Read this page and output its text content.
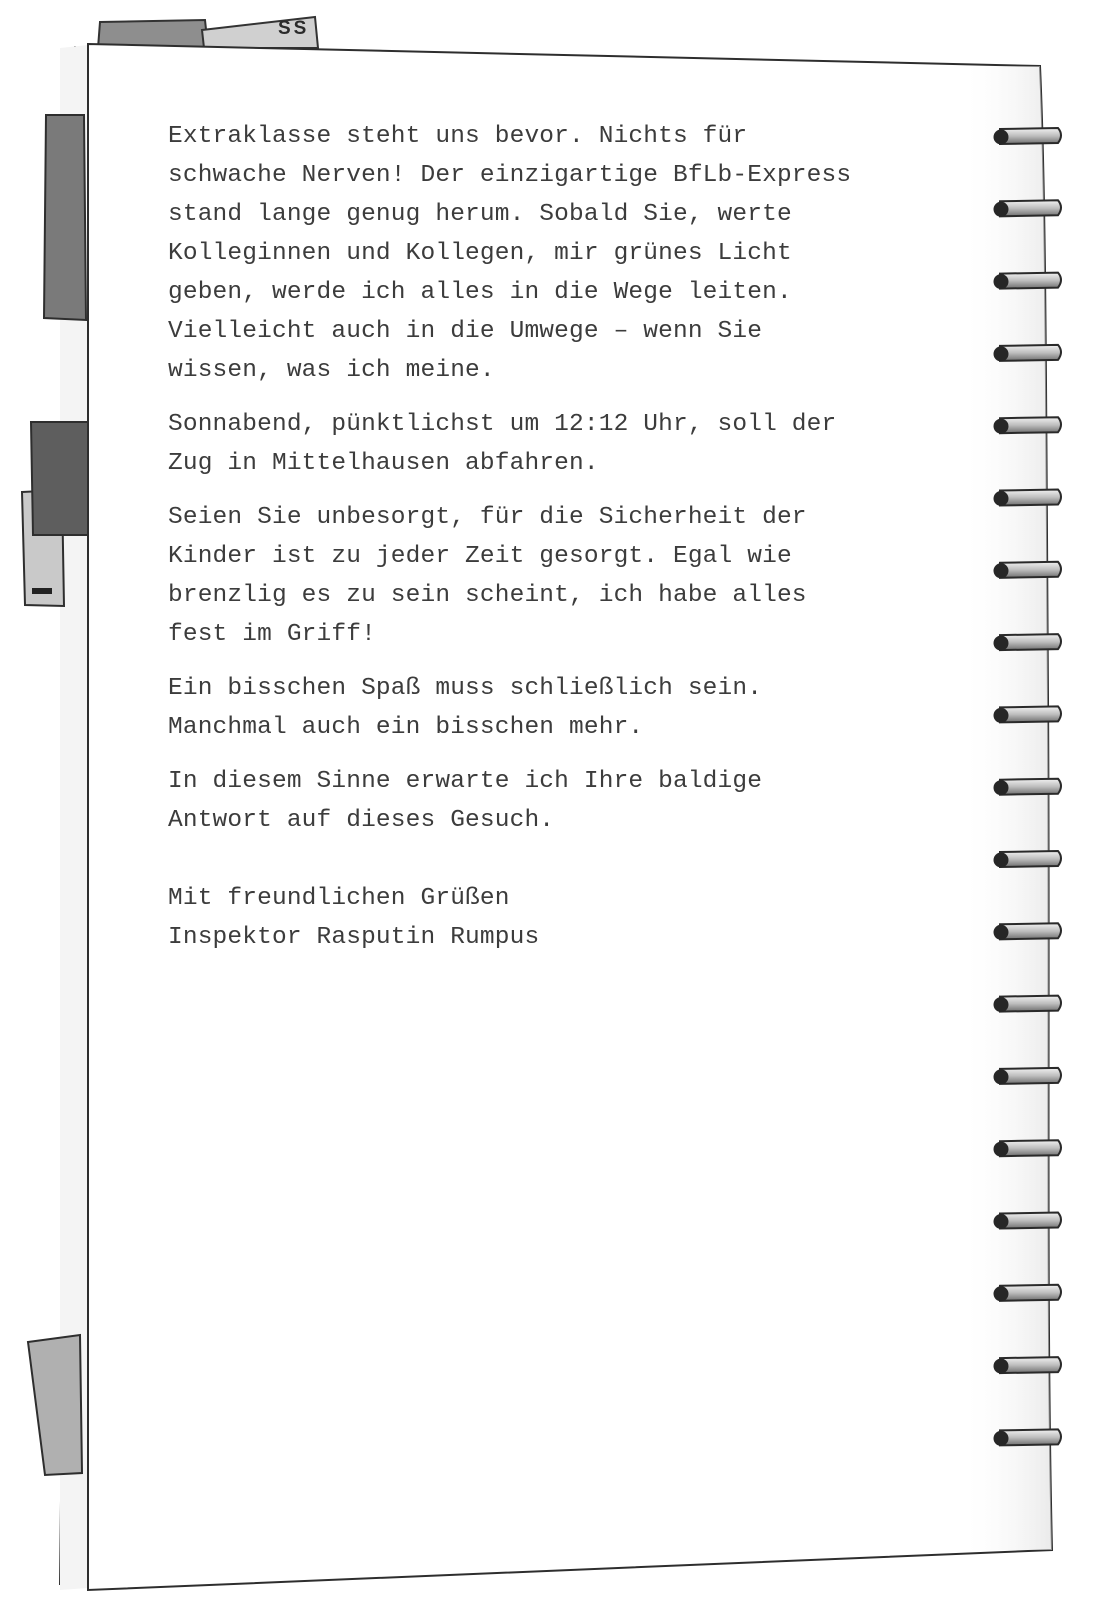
SS
Extraklasse steht uns bevor. Nichts für
schwache Nerven! Der einzigartige BfLb-Express
stand lange genug herum. Sobald Sie, werte
Kolleginnen und Kollegen, mir grünes Licht
geben, werde ich alles in die Wege leiten.
Vielleicht auch in die Umwege – wenn Sie
wissen, was ich meine.
Sonnabend, pünktlichst um 12:12 Uhr, soll der
Zug in Mittelhausen abfahren.
Seien Sie unbesorgt, für die Sicherheit der
Kinder ist zu jeder Zeit gesorgt. Egal wie
brenzlig es zu sein scheint, ich habe alles
fest im Griff!
Ein bisschen Spaß muss schließlich sein.
Manchmal auch ein bisschen mehr.
In diesem Sinne erwarte ich Ihre baldige
Antwort auf dieses Gesuch.
Mit freundlichen Grüßen
Inspektor Rasputin Rumpus
